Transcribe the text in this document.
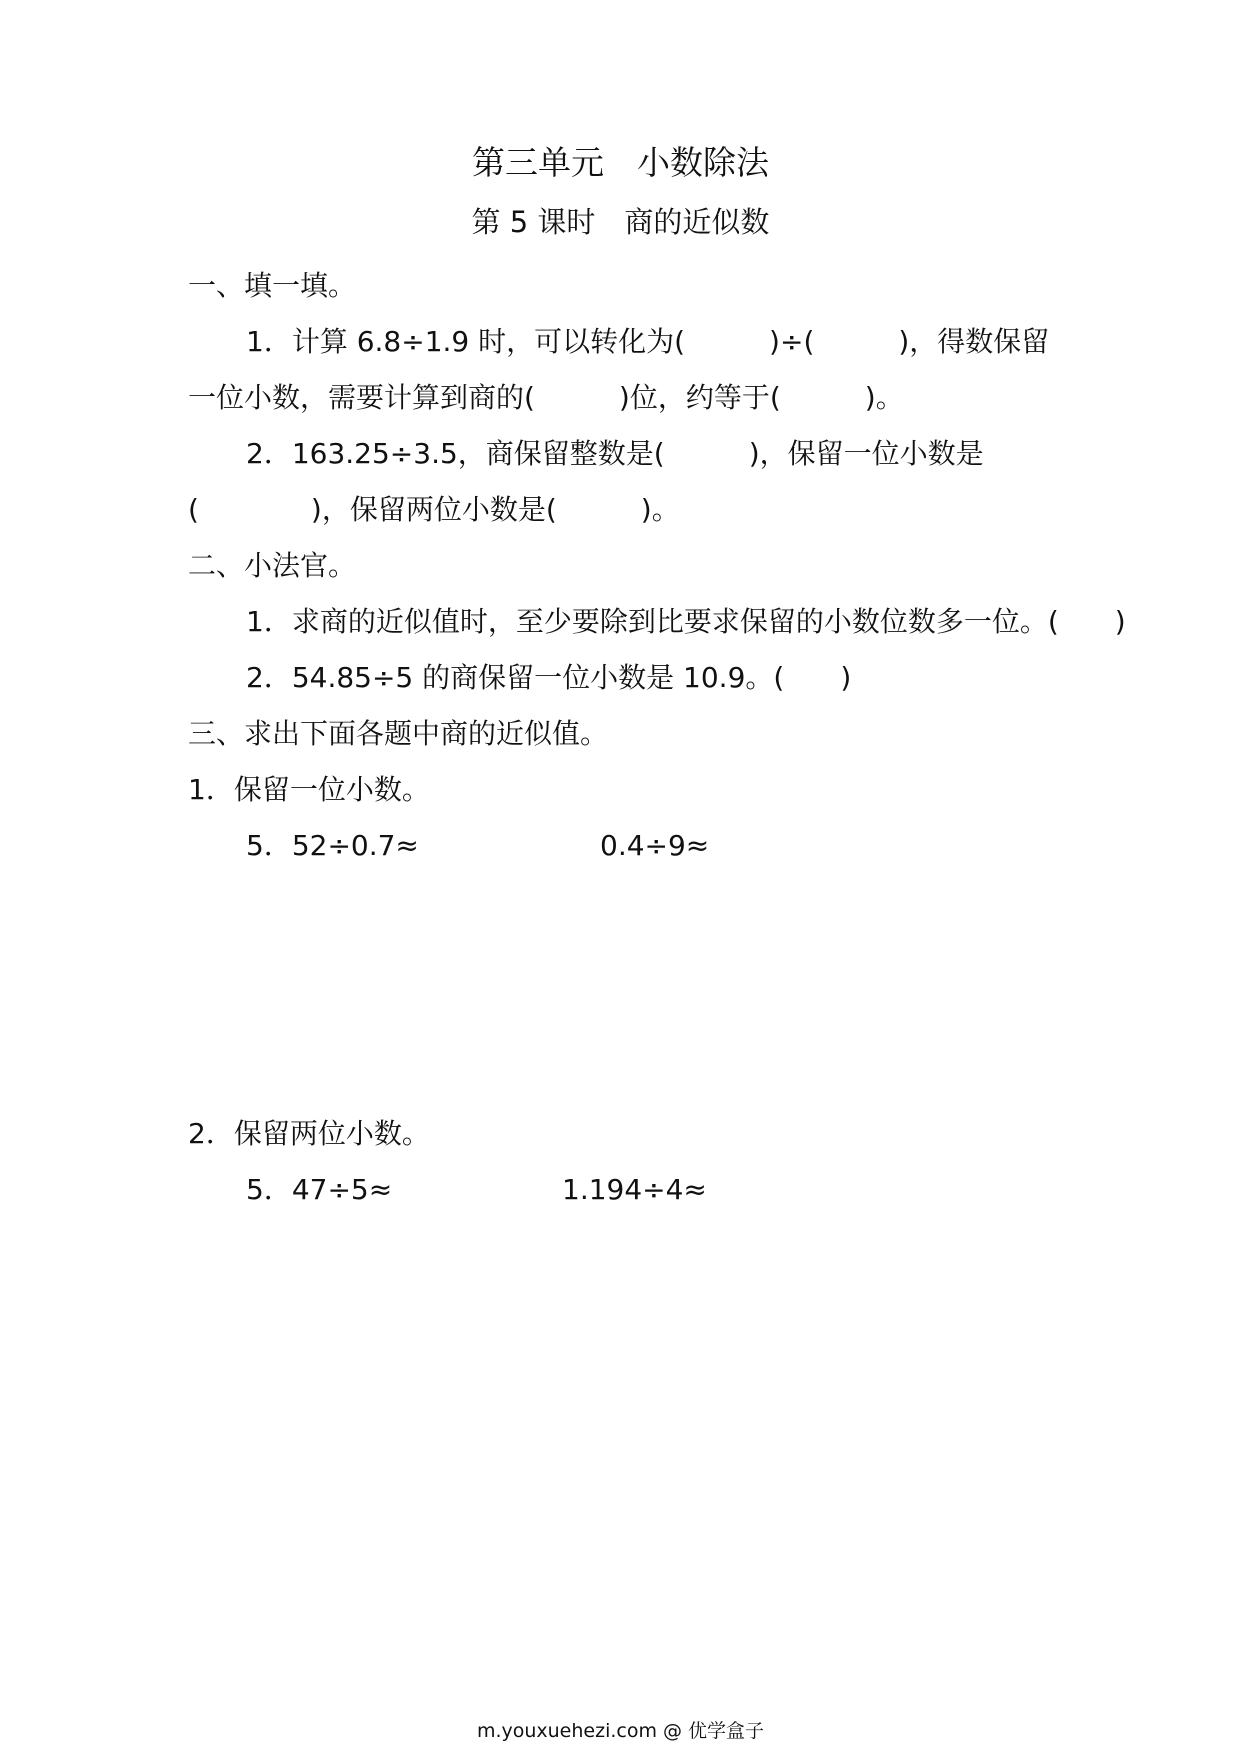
第三单元　小数除法
第 5 课时　商的近似数
一、填一填。
1．计算 6.8÷1.9 时，可以转化为(　　　)÷(　　　)，得数保留
一位小数，需要计算到商的(　　　)位，约等于(　　　)。
2．163.25÷3.5，商保留整数是(　　　)，保留一位小数是
(　　　　)，保留两位小数是(　　　)。
二、小法官。
1．求商的近似值时，至少要除到比要求保留的小数位数多一位。(　　)
2．54.85÷5 的商保留一位小数是 10.9。(　　)
三、求出下面各题中商的近似值。
1．保留一位小数。
5．52÷0.7≈	0.4÷9≈
2．保留两位小数。
5．47÷5≈	1.194÷4≈
m.youxuehezi.com @ 优学盒子
